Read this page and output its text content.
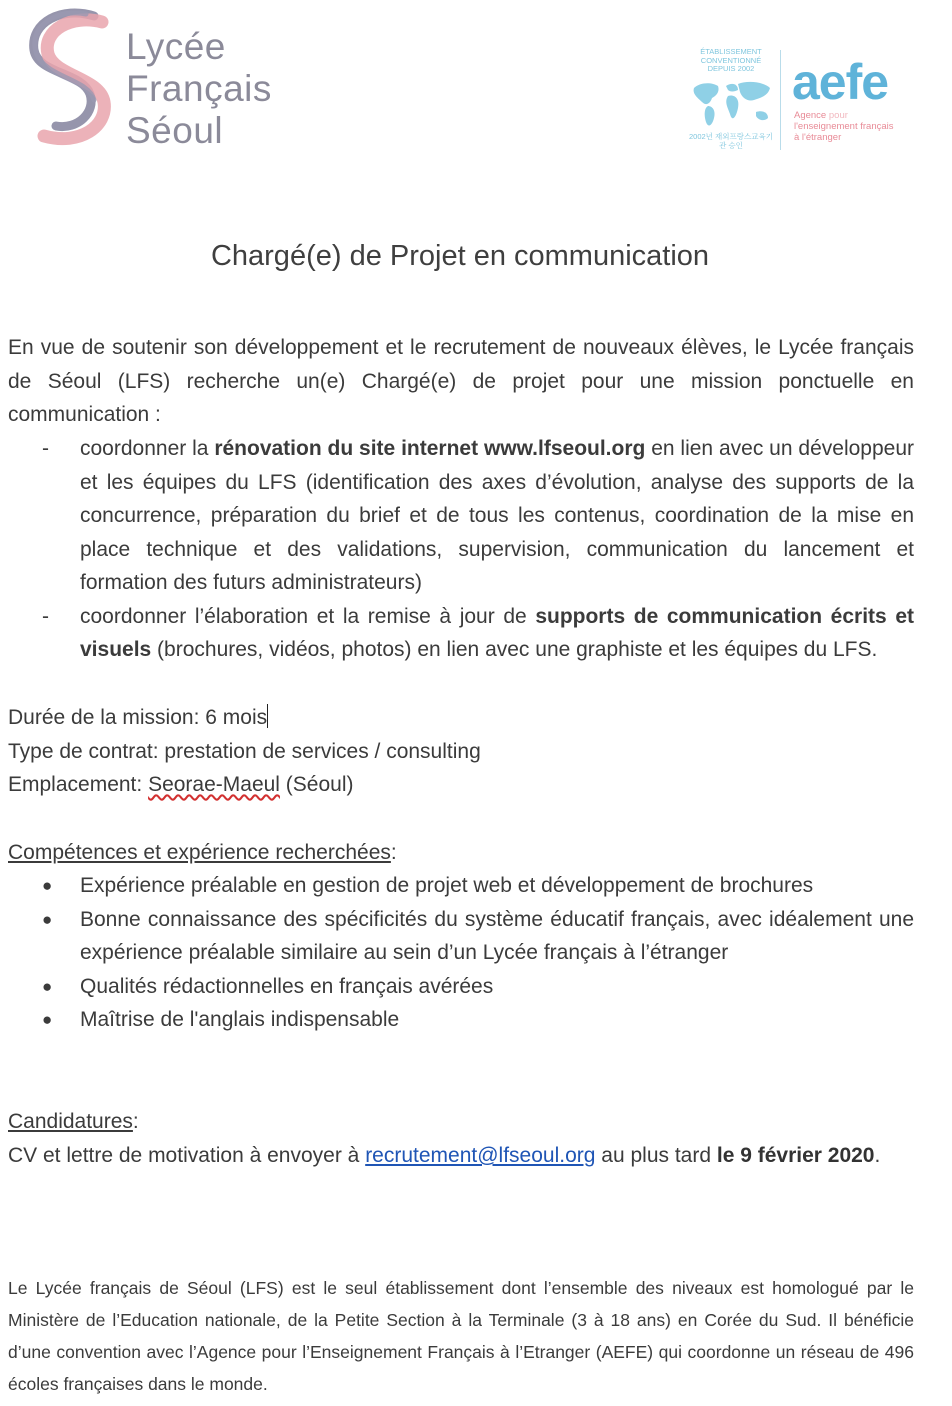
Lycée
Français
Séoul
ÉTABLISSEMENT CONVENTIONNÉ DEPUIS 2002
2002년 재외프랑스교육기관 승인
aefe
Agence pour
l'enseignement français
à l'étranger
Chargé(e) de Projet en communication
En vue de soutenir son développement et le recrutement de nouveaux élèves, le Lycée français de Séoul (LFS) recherche un(e) Chargé(e) de projet pour une mission ponctuelle en communication :
- coordonner la rénovation du site internet www.lfseoul.org en lien avec un développeur et les équipes du LFS (identification des axes d’évolution, analyse des supports de la concurrence, préparation du brief et de tous les contenus, coordination de la mise en place technique et des validations, supervision, communication du lancement et formation des futurs administrateurs)
- coordonner l’élaboration et la remise à jour de supports de communication écrits et visuels (brochures, vidéos, photos) en lien avec une graphiste et les équipes du LFS.
Durée de la mission: 6 mois
Type de contrat: prestation de services / consulting
Emplacement: Seorae-Maeul (Séoul)
Compétences et expérience recherchées:
● Expérience préalable en gestion de projet web et développement de brochures
● Bonne connaissance des spécificités du système éducatif français, avec idéalement une expérience préalable similaire au sein d’un Lycée français à l’étranger
● Qualités rédactionnelles en français avérées
● Maîtrise de l'anglais indispensable
Candidatures:
CV et lettre de motivation à envoyer à recrutement@lfseoul.org au plus tard le 9 février 2020.
Le Lycée français de Séoul (LFS) est le seul établissement dont l’ensemble des niveaux est homologué par le Ministère de l’Education nationale, de la Petite Section à la Terminale (3 à 18 ans) en Corée du Sud. Il bénéficie d’une convention avec l’Agence pour l’Enseignement Français à l’Etranger (AEFE) qui coordonne un réseau de 496 écoles françaises dans le monde.
